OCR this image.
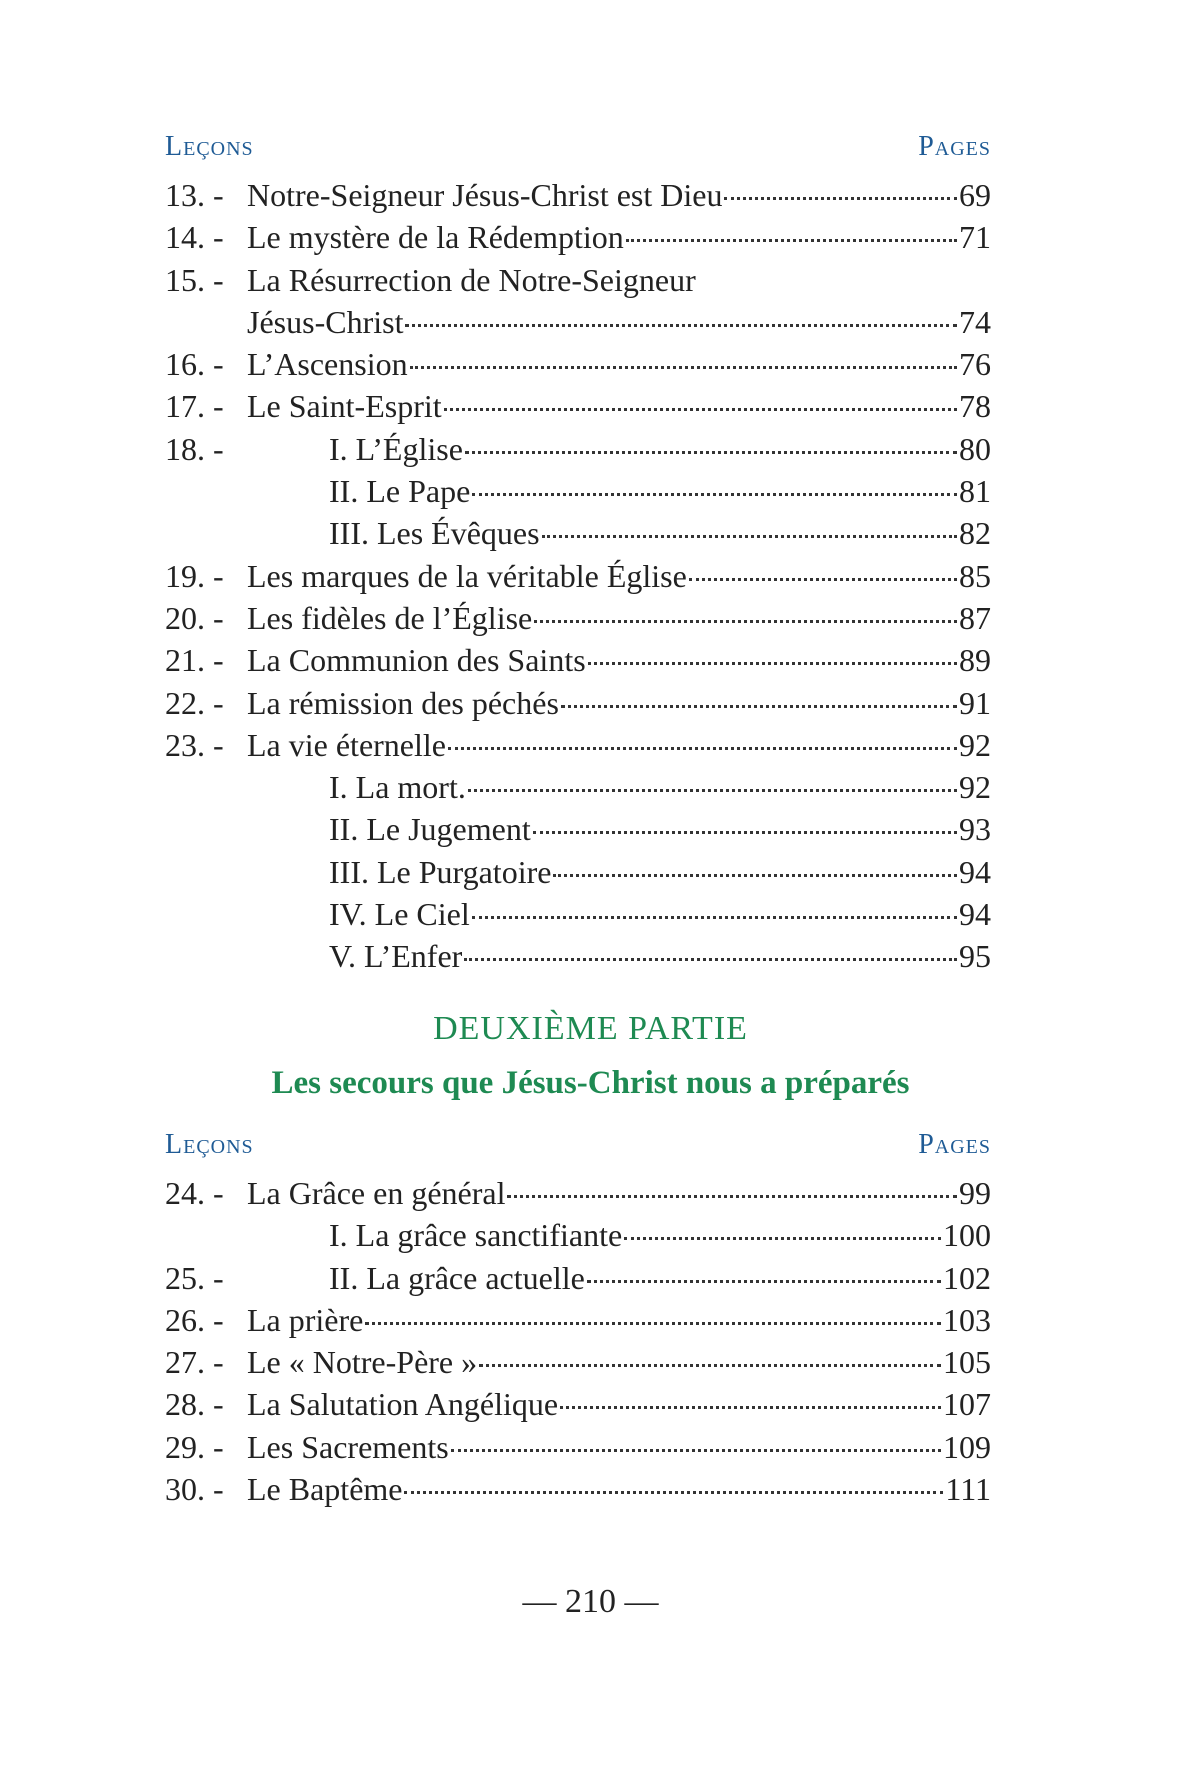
Leçons	Pages
13. - Notre-Seigneur Jésus-Christ est Dieu	69
14. - Le mystère de la Rédemption	71
15. - La Résurrection de Notre-Seigneur
Jésus-Christ	74
16. - L’Ascension	76
17. - Le Saint-Esprit	78
18. -	I. L’Église	80
II. Le Pape	81
III. Les Évêques	82
19. - Les marques de la véritable Église	85
20. - Les fidèles de l’Église	87
21. - La Communion des Saints	89
22. - La rémission des péchés	91
23. - La vie éternelle	92
I. La mort.	92
II. Le Jugement	93
III. Le Purgatoire	94
IV. Le Ciel	94
V. L’Enfer	95
DEUXIÈME PARTIE
Les secours que Jésus-Christ nous a préparés
Leçons	Pages
24. - La Grâce en général	99
I. La grâce sanctifiante	100
25. -	II. La grâce actuelle	102
26. - La prière	103
27. - Le « Notre-Père »	105
28. - La Salutation Angélique	107
29. - Les Sacrements	109
30. - Le Baptême	111
— 210 —
